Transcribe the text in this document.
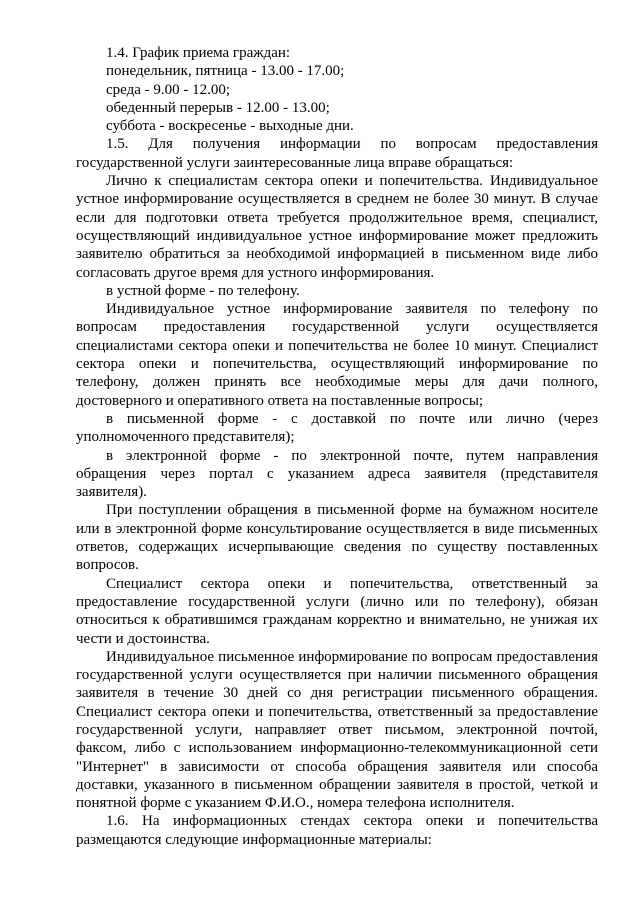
1.4. График приема граждан:
понедельник, пятница - 13.00 - 17.00;
среда - 9.00 - 12.00;
обеденный перерыв - 12.00 - 13.00;
суббота - воскресенье - выходные дни.

1.5. Для получения информации по вопросам предоставления государственной услуги заинтересованные лица вправе обращаться:

Лично к специалистам сектора опеки и попечительства. Индивидуальное устное информирование осуществляется в среднем не более 30 минут. В случае если для подготовки ответа требуется продолжительное время, специалист, осуществляющий индивидуальное устное информирование может предложить заявителю обратиться за необходимой информацией в письменном виде либо согласовать другое время для устного информирования.

в устной форме - по телефону.

Индивидуальное устное информирование заявителя по телефону по вопросам предоставления государственной услуги осуществляется специалистами сектора опеки и попечительства не более 10 минут. Специалист сектора опеки и попечительства, осуществляющий информирование по телефону, должен принять все необходимые меры для дачи полного, достоверного и оперативного ответа на поставленные вопросы;

в письменной форме - с доставкой по почте или лично (через уполномоченного представителя);

в электронной форме - по электронной почте, путем направления обращения через портал с указанием адреса заявителя (представителя заявителя).

При поступлении обращения в письменной форме на бумажном носителе или в электронной форме консультирование осуществляется в виде письменных ответов, содержащих исчерпывающие сведения по существу поставленных вопросов.

Специалист сектора опеки и попечительства, ответственный за предоставление государственной услуги (лично или по телефону), обязан относиться к обратившимся гражданам корректно и внимательно, не унижая их чести и достоинства.

Индивидуальное письменное информирование по вопросам предоставления государственной услуги осуществляется при наличии письменного обращения заявителя в течение 30 дней со дня регистрации письменного обращения. Специалист сектора опеки и попечительства, ответственный за предоставление государственной услуги, направляет ответ письмом, электронной почтой, факсом, либо с использованием информационно-телекоммуникационной сети "Интернет" в зависимости от способа обращения заявителя или способа доставки, указанного в письменном обращении заявителя в простой, четкой и понятной форме с указанием Ф.И.О., номера телефона исполнителя.

1.6. На информационных стендах сектора опеки и попечительства размещаются следующие информационные материалы:
